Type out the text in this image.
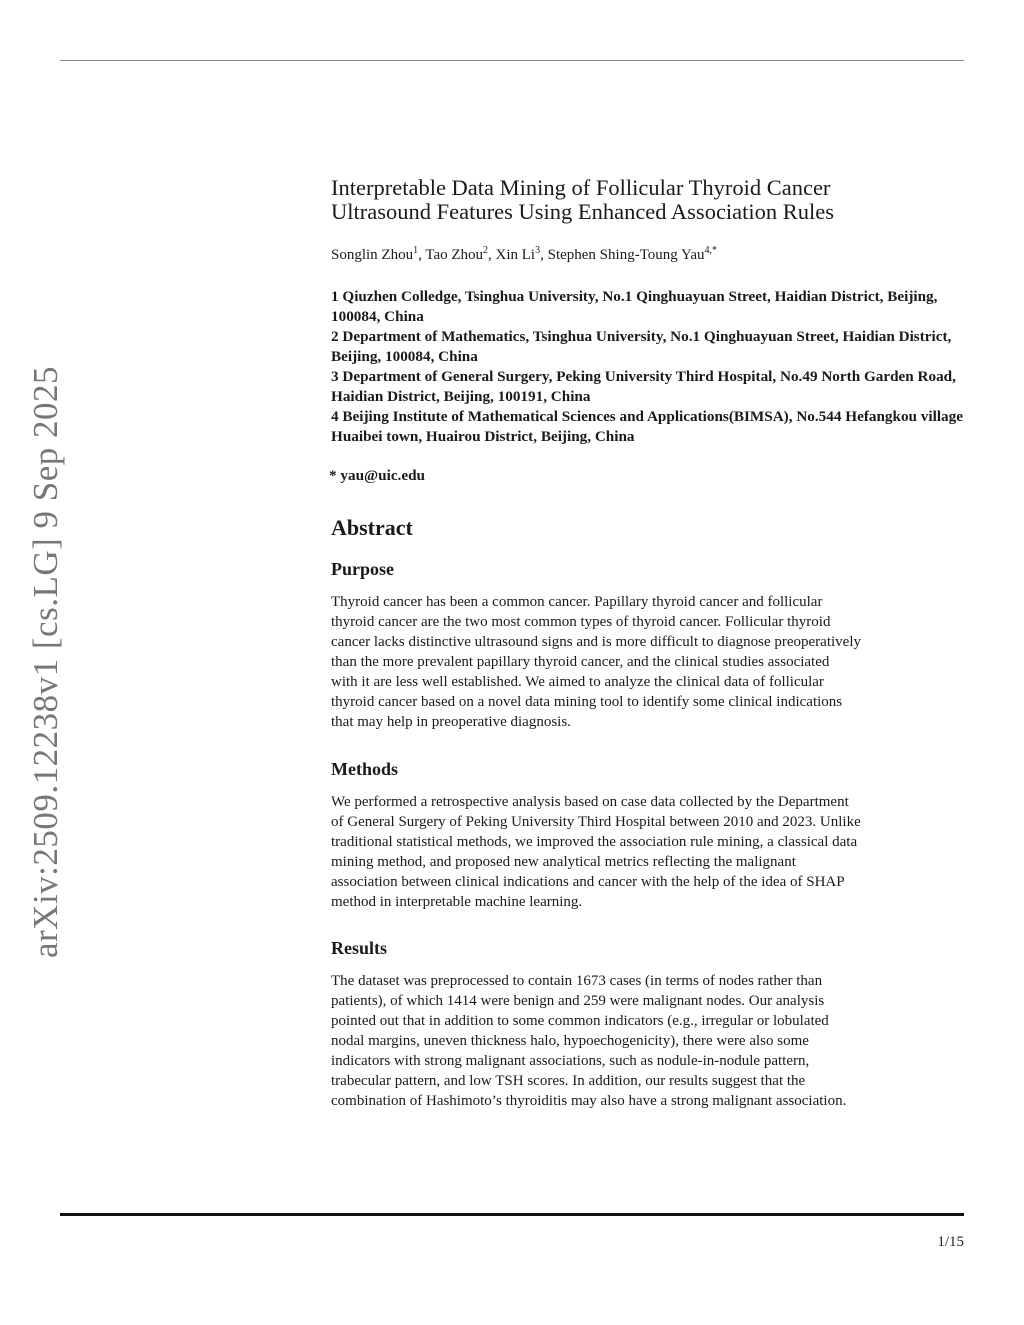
arXiv:2509.12238v1 [cs.LG] 9 Sep 2025
Interpretable Data Mining of Follicular Thyroid Cancer
Ultrasound Features Using Enhanced Association Rules
Songlin Zhou$^1$, Tao Zhou$^2$, Xin Li$^3$, Stephen Shing-Toung Yau$^{4,*}$

1 Qiuzhen Colledge, Tsinghua University, No.1 Qinghuayuan Street, Haidian District, Beijing, 100084, China

2 Department of Mathematics, Tsinghua University, No.1 Qinghuayuan Street, Haidian District, Beijing, 100084, China

3 Department of General Surgery, Peking University Third Hospital, No.49 North Garden Road, Haidian District, Beijing, 100191, China

4 Beijing Institute of Mathematical Sciences and Applications(BIMSA), No.544 Hefangkou village Huaibei town, Huairou District, Beijing, China

* yau@uic.edu
Abstract
Purpose

Thyroid cancer has been a common cancer. Papillary thyroid cancer and follicular
thyroid cancer are the two most common types of thyroid cancer. Follicular thyroid
cancer lacks distinctive ultrasound signs and is more difficult to diagnose preoperatively
than the more prevalent papillary thyroid cancer, and the clinical studies associated
with it are less well established. We aimed to analyze the clinical data of follicular
thyroid cancer based on a novel data mining tool to identify some clinical indications
that may help in preoperative diagnosis.

Methods

We performed a retrospective analysis based on case data collected by the Department
of General Surgery of Peking University Third Hospital between 2010 and 2023. Unlike
traditional statistical methods, we improved the association rule mining, a classical data
mining method, and proposed new analytical metrics reflecting the malignant
association between clinical indications and cancer with the help of the idea of SHAP
method in interpretable machine learning.

Results

The dataset was preprocessed to contain 1673 cases (in terms of nodes rather than
patients), of which 1414 were benign and 259 were malignant nodes. Our analysis
pointed out that in addition to some common indicators (e.g., irregular or lobulated
nodal margins, uneven thickness halo, hypoechogenicity), there were also some
indicators with strong malignant associations, such as nodule-in-nodule pattern,
trabecular pattern, and low TSH scores. In addition, our results suggest that the
combination of Hashimoto’s thyroiditis may also have a strong malignant association.

1/15
